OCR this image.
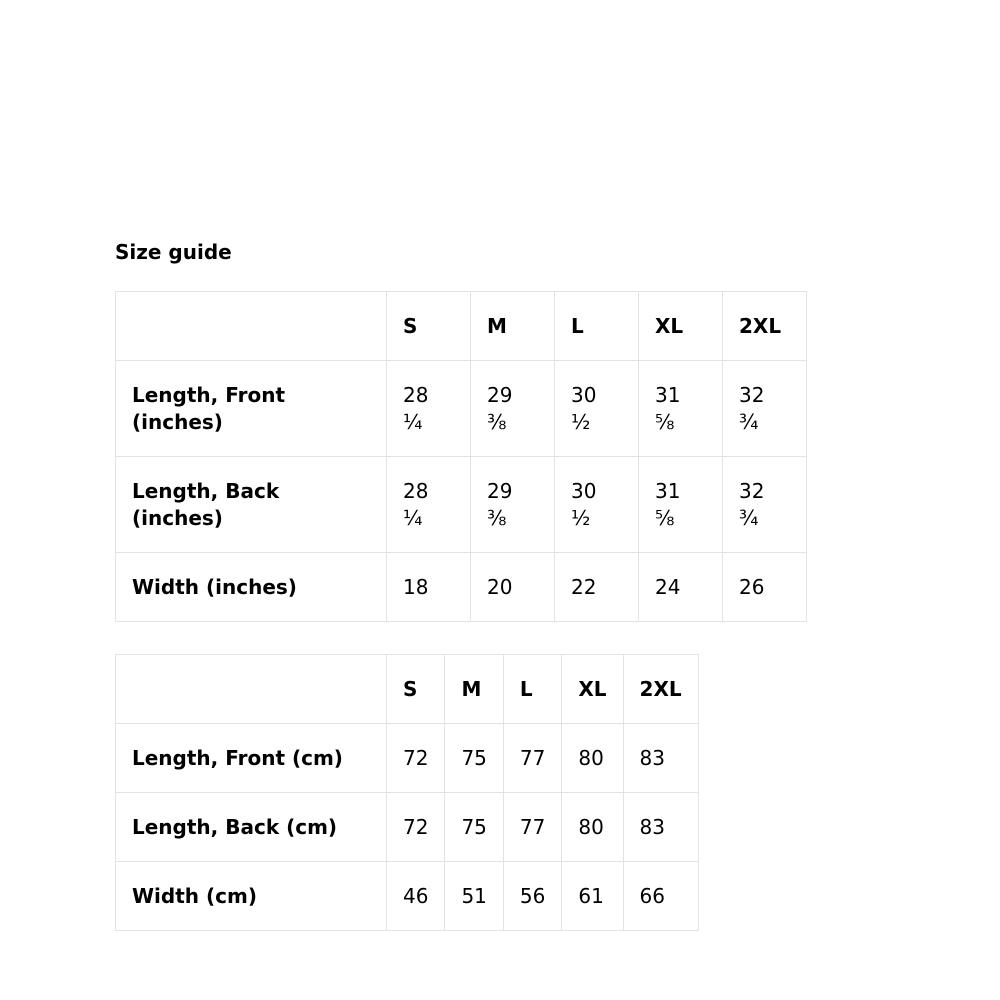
Size guide
	S	M	L	XL	2XL
Length, Front (inches)	28 ¼	29 ⅜	30 ½	31 ⅝	32 ¾
Length, Back (inches)	28 ¼	29 ⅜	30 ½	31 ⅝	32 ¾
Width (inches)	18	20	22	24	26
	S	M	L	XL	2XL
Length, Front (cm)	72	75	77	80	83
Length, Back (cm)	72	75	77	80	83
Width (cm)	46	51	56	61	66
